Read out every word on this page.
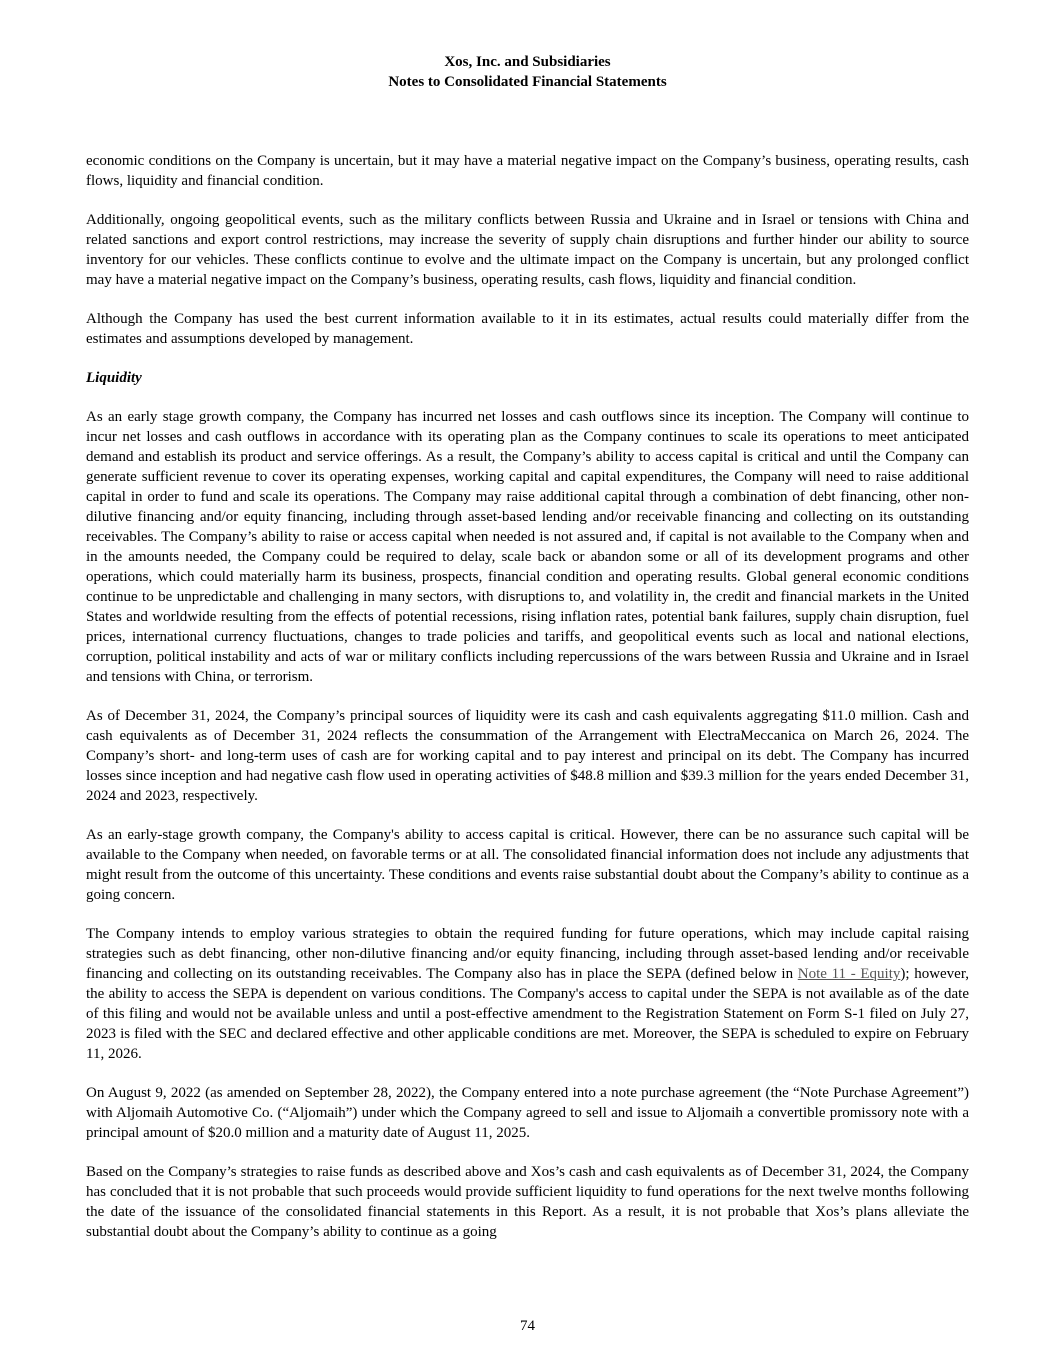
Xos, Inc. and Subsidiaries
Notes to Consolidated Financial Statements

economic conditions on the Company is uncertain, but it may have a material negative impact on the Company’s business, operating results, cash flows, liquidity and financial condition.

Additionally, ongoing geopolitical events, such as the military conflicts between Russia and Ukraine and in Israel or tensions with China and related sanctions and export control restrictions, may increase the severity of supply chain disruptions and further hinder our ability to source inventory for our vehicles. These conflicts continue to evolve and the ultimate impact on the Company is uncertain, but any prolonged conflict may have a material negative impact on the Company’s business, operating results, cash flows, liquidity and financial condition.

Although the Company has used the best current information available to it in its estimates, actual results could materially differ from the estimates and assumptions developed by management.

Liquidity

As an early stage growth company, the Company has incurred net losses and cash outflows since its inception. The Company will continue to incur net losses and cash outflows in accordance with its operating plan as the Company continues to scale its operations to meet anticipated demand and establish its product and service offerings. As a result, the Company’s ability to access capital is critical and until the Company can generate sufficient revenue to cover its operating expenses, working capital and capital expenditures, the Company will need to raise additional capital in order to fund and scale its operations. The Company may raise additional capital through a combination of debt financing, other non-dilutive financing and/or equity financing, including through asset-based lending and/or receivable financing and collecting on its outstanding receivables. The Company’s ability to raise or access capital when needed is not assured and, if capital is not available to the Company when and in the amounts needed, the Company could be required to delay, scale back or abandon some or all of its development programs and other operations, which could materially harm its business, prospects, financial condition and operating results. Global general economic conditions continue to be unpredictable and challenging in many sectors, with disruptions to, and volatility in, the credit and financial markets in the United States and worldwide resulting from the effects of potential recessions, rising inflation rates, potential bank failures, supply chain disruption, fuel prices, international currency fluctuations, changes to trade policies and tariffs, and geopolitical events such as local and national elections, corruption, political instability and acts of war or military conflicts including repercussions of the wars between Russia and Ukraine and in Israel and tensions with China, or terrorism.

As of December 31, 2024, the Company’s principal sources of liquidity were its cash and cash equivalents aggregating $11.0 million. Cash and cash equivalents as of December 31, 2024 reflects the consummation of the Arrangement with ElectraMeccanica on March 26, 2024. The Company’s short- and long-term uses of cash are for working capital and to pay interest and principal on its debt. The Company has incurred losses since inception and had negative cash flow used in operating activities of $48.8 million and $39.3 million for the years ended December 31, 2024 and 2023, respectively.

As an early-stage growth company, the Company's ability to access capital is critical. However, there can be no assurance such capital will be available to the Company when needed, on favorable terms or at all. The consolidated financial information does not include any adjustments that might result from the outcome of this uncertainty. These conditions and events raise substantial doubt about the Company’s ability to continue as a going concern.

The Company intends to employ various strategies to obtain the required funding for future operations, which may include capital raising strategies such as debt financing, other non-dilutive financing and/or equity financing, including through asset-based lending and/or receivable financing and collecting on its outstanding receivables. The Company also has in place the SEPA (defined below in Note 11 - Equity); however, the ability to access the SEPA is dependent on various conditions. The Company's access to capital under the SEPA is not available as of the date of this filing and would not be available unless and until a post-effective amendment to the Registration Statement on Form S-1 filed on July 27, 2023 is filed with the SEC and declared effective and other applicable conditions are met. Moreover, the SEPA is scheduled to expire on February 11, 2026.

On August 9, 2022 (as amended on September 28, 2022), the Company entered into a note purchase agreement (the “Note Purchase Agreement”) with Aljomaih Automotive Co. (“Aljomaih”) under which the Company agreed to sell and issue to Aljomaih a convertible promissory note with a principal amount of $20.0 million and a maturity date of August 11, 2025.

Based on the Company’s strategies to raise funds as described above and Xos’s cash and cash equivalents as of December 31, 2024, the Company has concluded that it is not probable that such proceeds would provide sufficient liquidity to fund operations for the next twelve months following the date of the issuance of the consolidated financial statements in this Report. As a result, it is not probable that Xos’s plans alleviate the substantial doubt about the Company’s ability to continue as a going

74
